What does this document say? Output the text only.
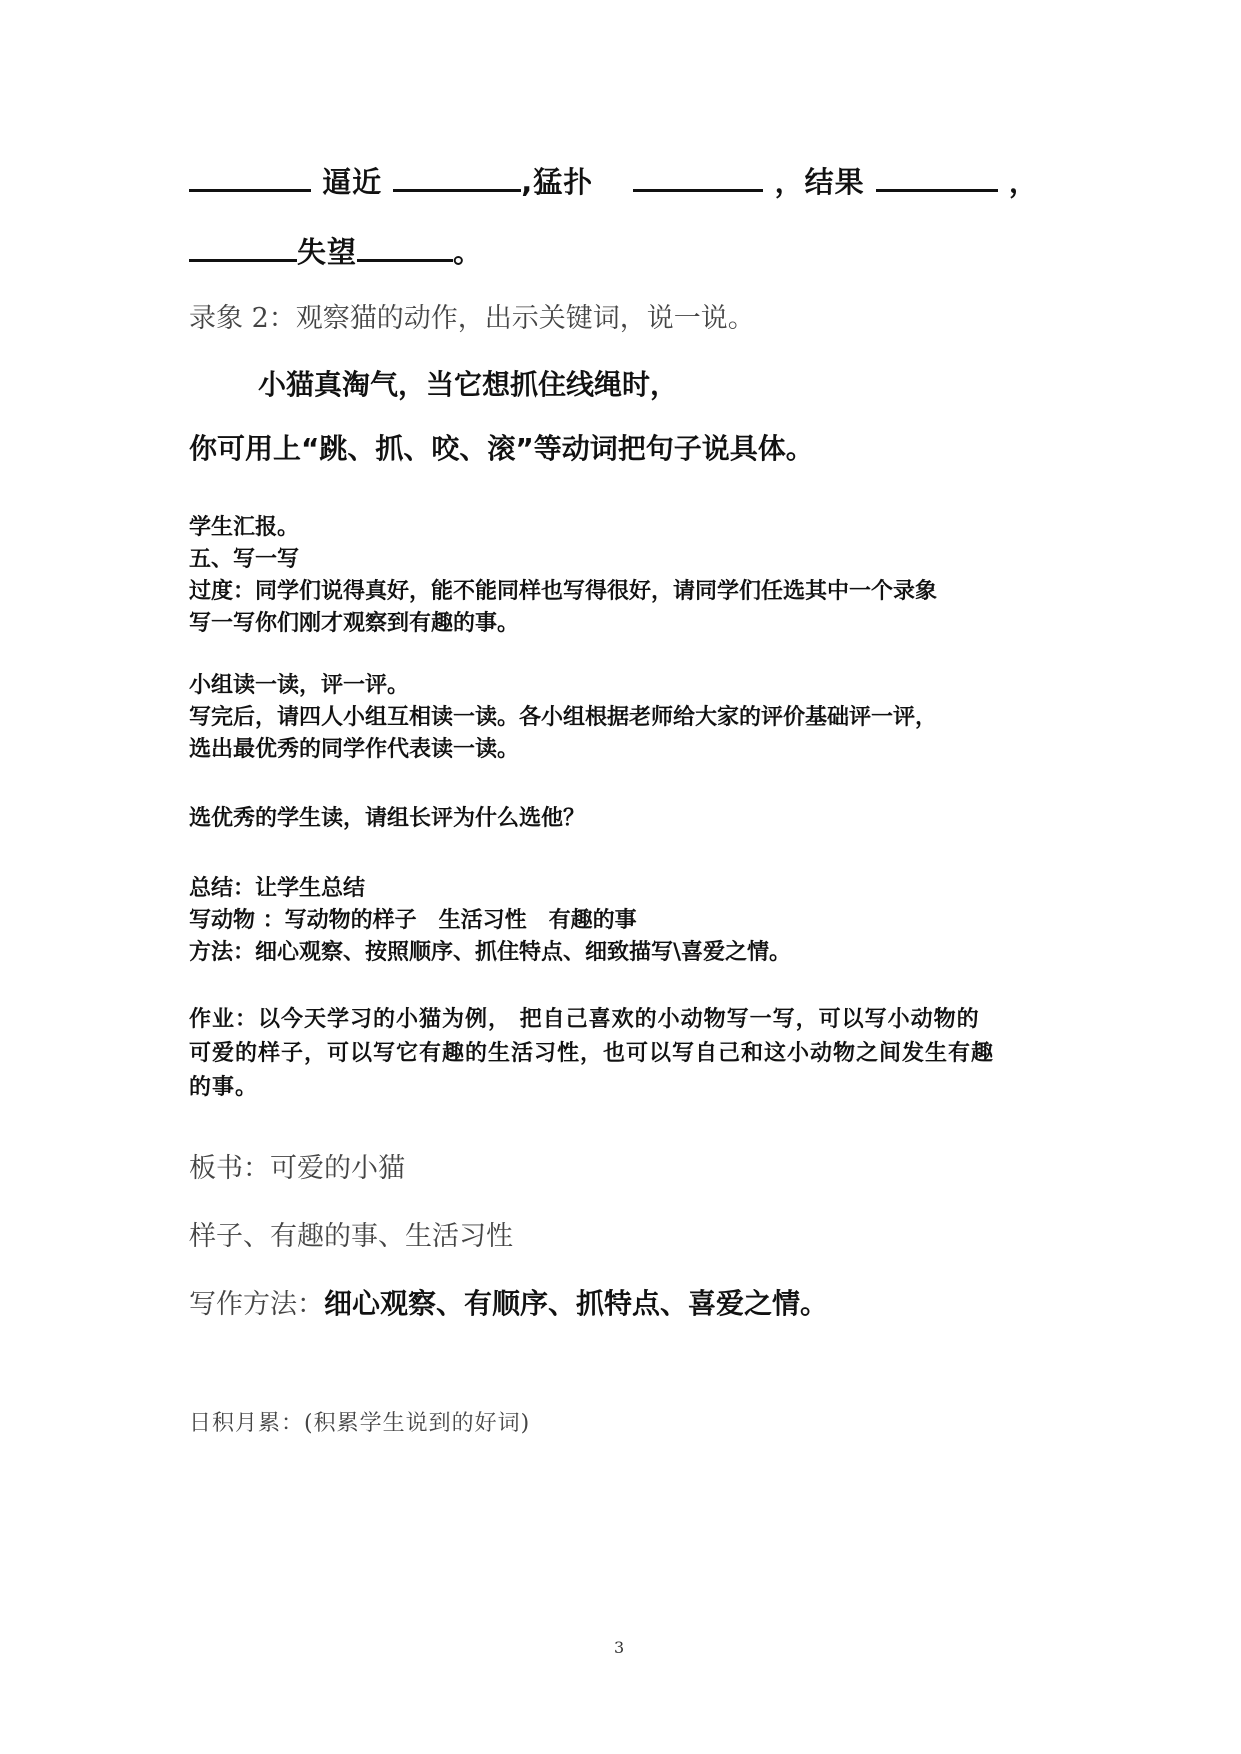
逼近	,猛扑	，结果	，
失望	。
录象 2：观察猫的动作，出示关键词，说一说。
小猫真淘气，当它想抓住线绳时，
你可用上“跳、抓、咬、滚”等动词把句子说具体。
学生汇报。
五、写一写
过度：同学们说得真好，能不能同样也写得很好，请同学们任选其中一个录象
写一写你们刚才观察到有趣的事。
小组读一读，评一评。
写完后，请四人小组互相读一读。各小组根据老师给大家的评价基础评一评，
选出最优秀的同学作代表读一读。
选优秀的学生读，请组长评为什么选他？
总结：让学生总结
写动物 ：写动物的样子　生活习性　有趣的事
方法：细心观察、按照顺序、抓住特点、细致描写\喜爱之情。
作业：以今天学习的小猫为例， 把自己喜欢的小动物写一写，可以写小动物的
可爱的样子，可以写它有趣的生活习性，也可以写自己和这小动物之间发生有趣
的事。
板书：可爱的小猫
样子、有趣的事、生活习性
写作方法：细心观察、有顺序、抓特点、喜爱之情。
日积月累：(积累学生说到的好词)
3
